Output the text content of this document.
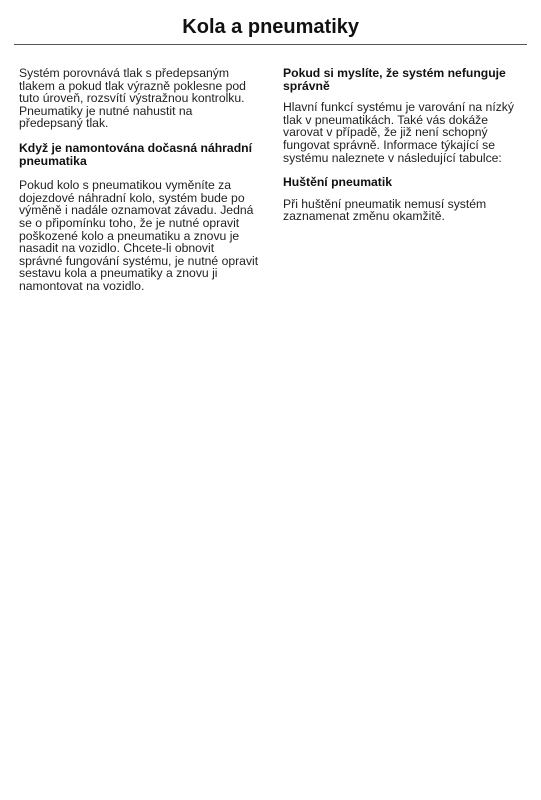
Kola a pneumatiky

Systém porovnává tlak s předepsaným tlakem a pokud tlak výrazně poklesne pod tuto úroveň, rozsvítí výstražnou kontrolku. Pneumatiky je nutné nahustit na předepsaný tlak.

Když je namontována dočasná náhradní pneumatika

Pokud kolo s pneumatikou vyměníte za dojezdové náhradní kolo, systém bude po výměně i nadále oznamovat závadu. Jedná se o připomínku toho, že je nutné opravit poškozené kolo a pneumatiku a znovu je nasadit na vozidlo. Chcete-li obnovit správné fungování systému, je nutné opravit sestavu kola a pneumatiky a znovu ji namontovat na vozidlo.

Pokud si myslíte, že systém nefunguje správně

Hlavní funkcí systému je varování na nízký tlak v pneumatikách. Také vás dokáže varovat v případě, že již není schopný fungovat správně. Informace týkající se systému naleznete v následující tabulce:

Huštění pneumatik

Při huštění pneumatik nemusí systém zaznamenat změnu okamžitě.
